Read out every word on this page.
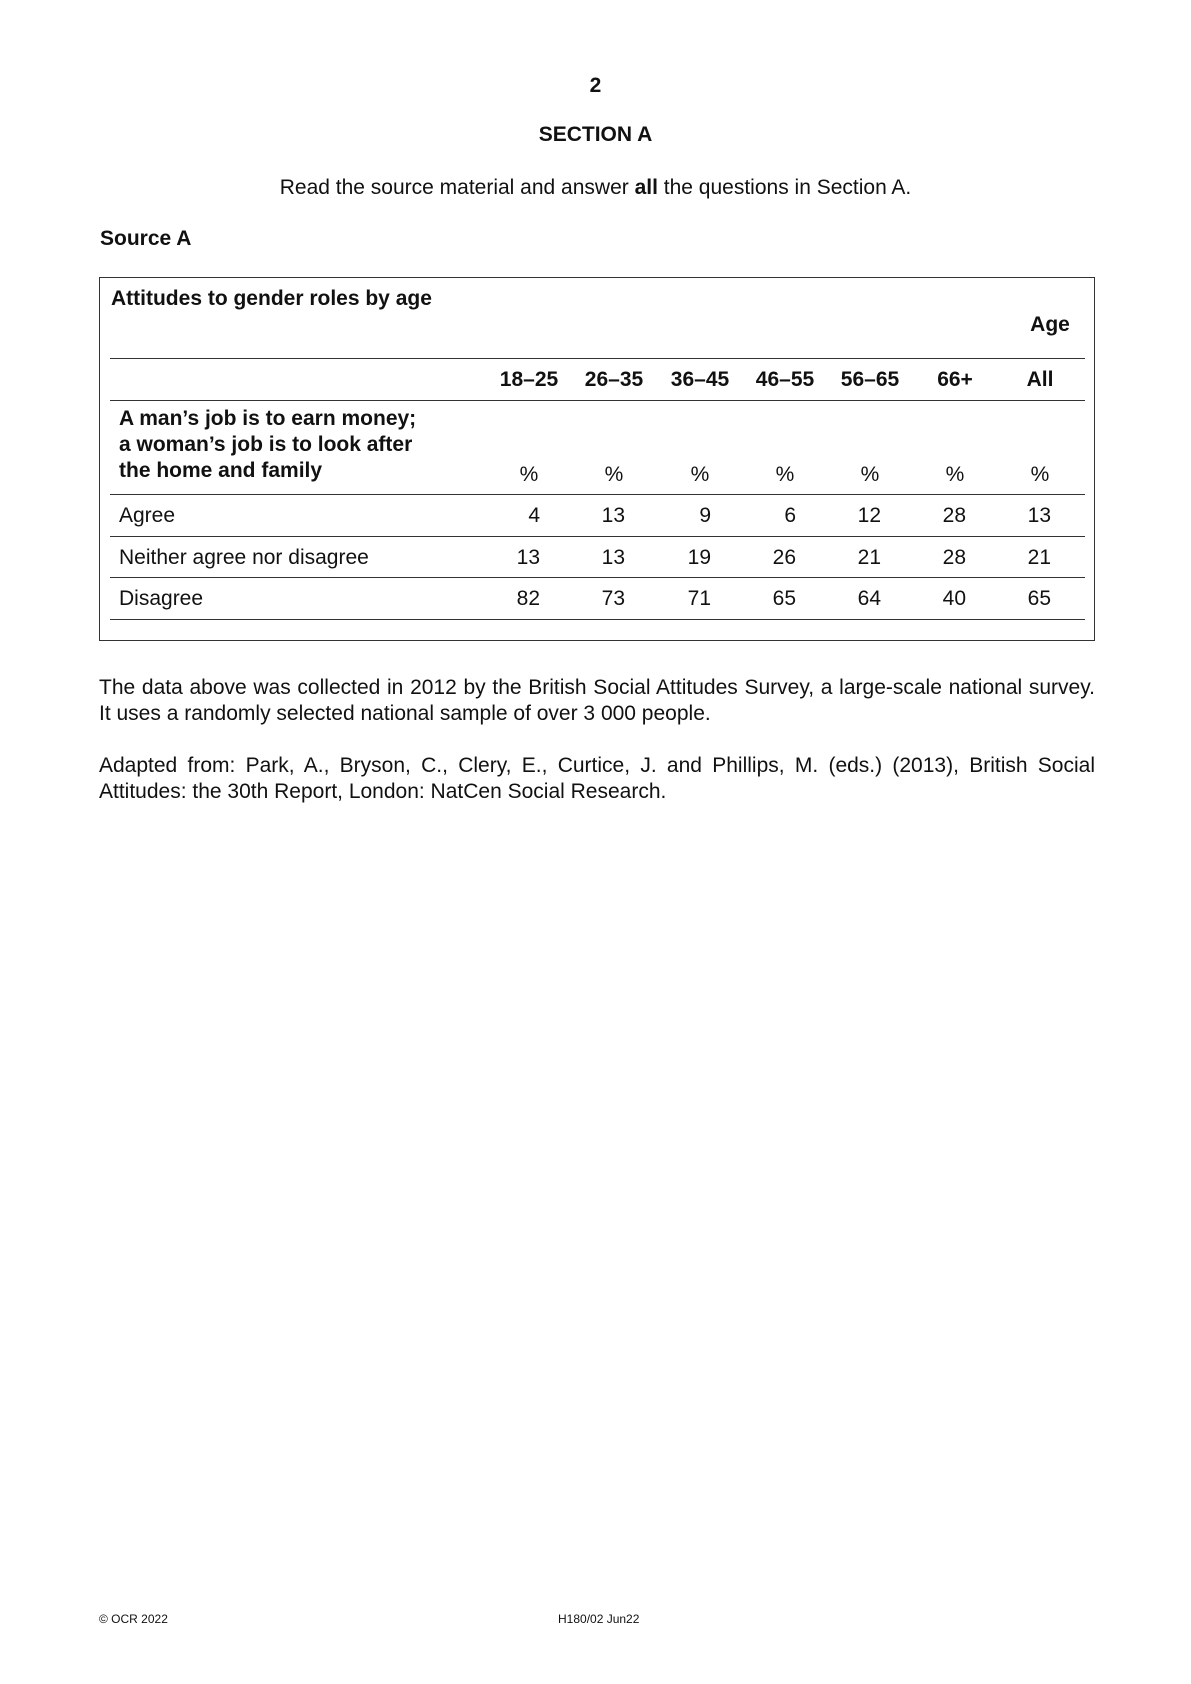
2
SECTION A
Read the source material and answer all the questions in Section A.
Source A
Attitudes to gender roles by age
Age
18–25	26–35	36–45	46–55	56–65	66+	All
A man’s job is to earn money;
a woman’s job is to look after
the home and family	%	%	%	%	%	%	%
Agree	4	13	9	6	12	28	13
Neither agree nor disagree	13	13	19	26	21	28	21
Disagree	82	73	71	65	64	40	65
The data above was collected in 2012 by the British Social Attitudes Survey, a large-scale national survey. It uses a randomly selected national sample of over 3 000 people.
Adapted from: Park, A., Bryson, C., Clery, E., Curtice, J. and Phillips, M. (eds.) (2013), British Social Attitudes: the 30th Report, London: NatCen Social Research.
© OCR 2022	H180/02 Jun22
